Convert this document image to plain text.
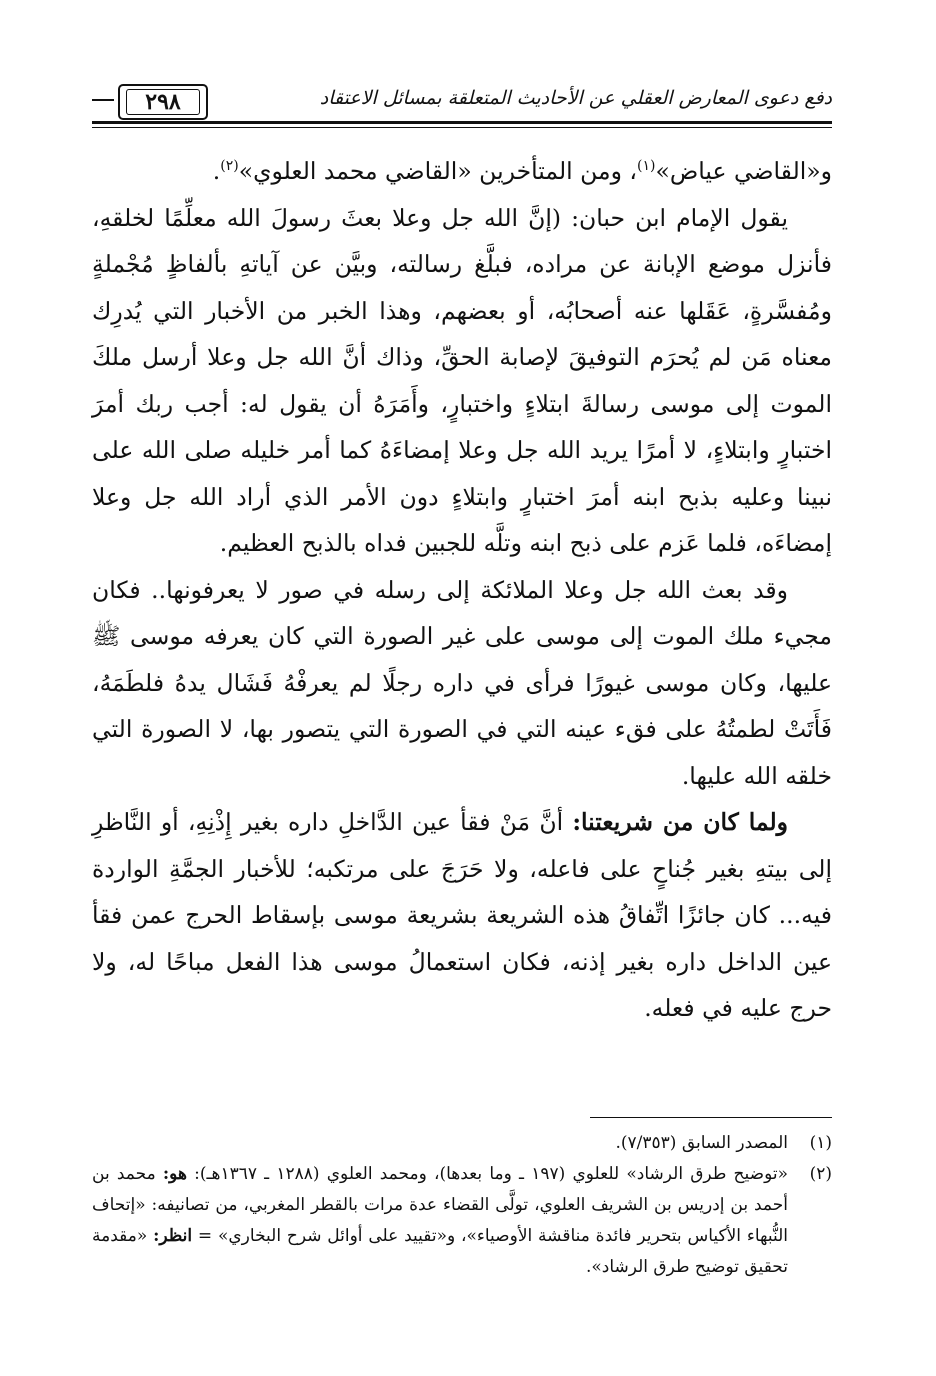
دفع دعوى المعارض العقلي عن الأحاديث المتعلقة بمسائل الاعتقاد
٢٩٨

و«القاضي عياض»$^{(١)}$، ومن المتأخرين «القاضي محمد العلوي»$^{(٢)}$.

يقول الإمام ابن حبان: (إنَّ الله جل وعلا بعثَ رسولَ الله معلِّمًا لخلقهِ، فأنزل موضع الإبانة عن مراده، فبلَّغ رسالته، وبيَّن عن آياتهِ بألفاظٍ مُجْملةٍ ومُفسَّرةٍ، عَقَلها عنه أصحابُه، أو بعضهم، وهذا الخبر من الأخبار التي يُدرِك معناه مَن لم يُحرَم التوفيقَ لإصابة الحقِّ، وذاك أنَّ الله جل وعلا أرسل ملكَ الموت إلى موسى رسالةَ ابتلاءٍ واختبارٍ، وأَمَرَهُ أن يقول له: أجب ربك أمرَ اختبارٍ وابتلاءٍ، لا أمرًا يريد الله جل وعلا إمضاءَهُ كما أمر خليله صلى الله على نبينا وعليه بذبح ابنه أمرَ اختبارٍ وابتلاءٍ دون الأمر الذي أراد الله جل وعلا إمضاءَه، فلما عَزم على ذبح ابنه وتلَّه للجبين فداه بالذبح العظيم.

وقد بعث الله جل وعلا الملائكة إلى رسله في صور لا يعرفونها.. فكان مجيء ملك الموت إلى موسى على غير الصورة التي كان يعرفه موسى ﷺ عليها، وكان موسى غيورًا فرأى في داره رجلًا لم يعرفْهُ فَشَال يدهُ فلطَمَهُ، فَأَتَتْ لطمتُهُ على فقء عينه التي في الصورة التي يتصور بها، لا الصورة التي خلقه الله عليها.

ولما كان من شريعتنا: أنَّ مَنْ فقأ عين الدَّاخلِ داره بغير إِذْنِهِ، أو النَّاظرِ إلى بيتهِ بغير جُناحٍ على فاعله، ولا حَرَجَ على مرتكبه؛ للأخبار الجمَّةِ الواردة فيه... كان جائزًا اتِّفاقُ هذه الشريعة بشريعة موسى بإسقاط الحرج عمن فقأ عين الداخل داره بغير إذنه، فكان استعمالُ موسى هذا الفعل مباحًا له، ولا حرج عليه في فعله.

(١)
المصدر السابق (٧/٣٥٣).
(٢)
«توضيح طرق الرشاد» للعلوي (١٩٧ ـ وما بعدها)، ومحمد العلوي (١٢٨٨ ـ ١٣٦٧هـ): هو: محمد بن أحمد بن إدريس بن الشريف العلوي، تولَّى القضاء عدة مرات بالقطر المغربي، من تصانيفه: «إتحاف النُّبهاء الأكياس بتحرير فائدة مناقشة الأوصياء»، و«تقييد على أوائل شرح البخاري» = انظر: «مقدمة تحقيق توضيح طرق الرشاد».
